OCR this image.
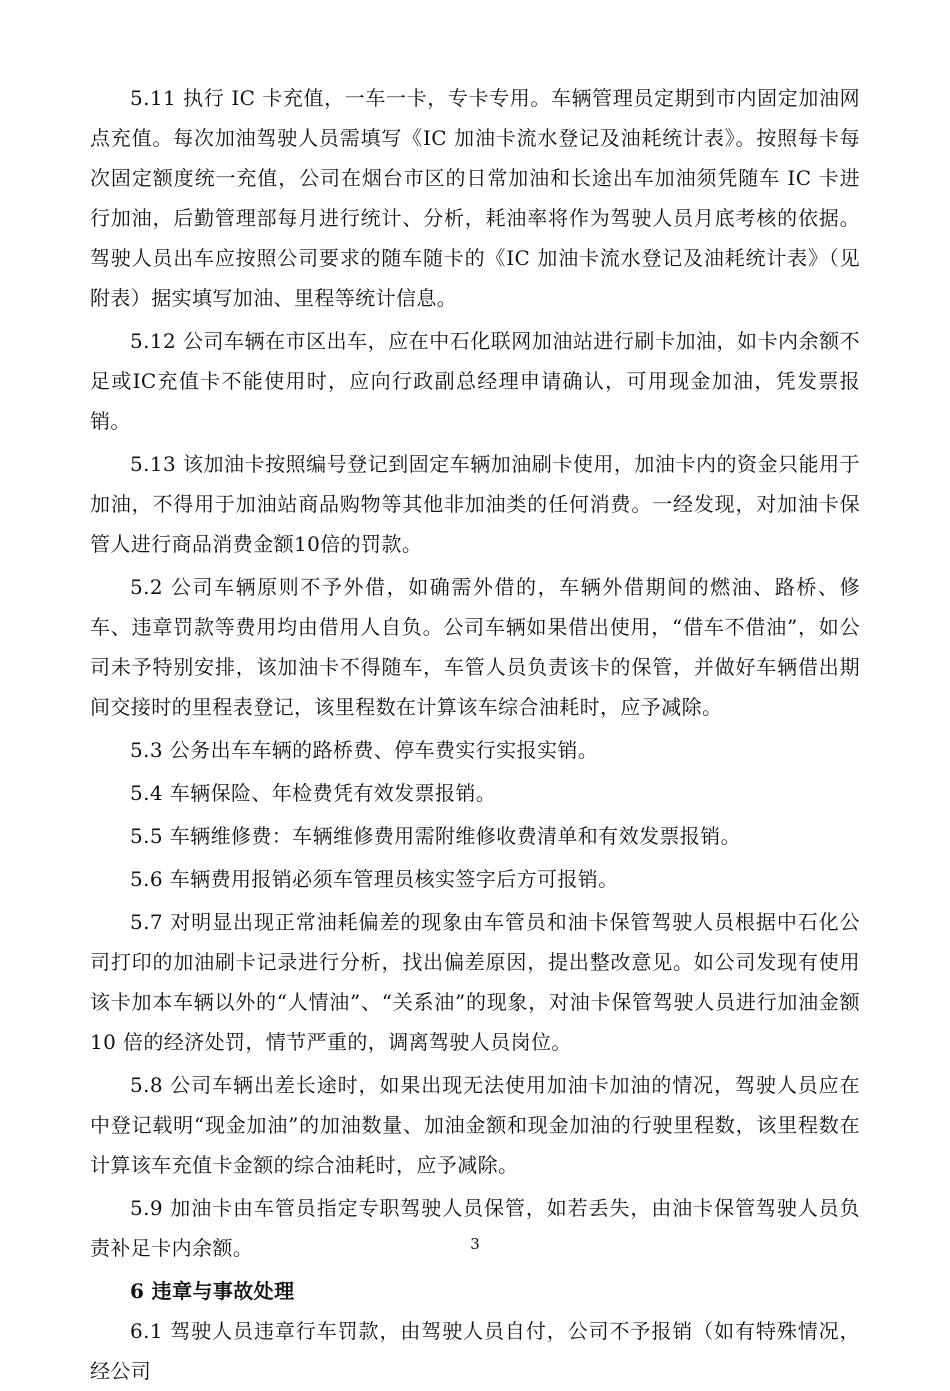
5.11 执行 IC 卡充值，一车一卡，专卡专用。车辆管理员定期到市内固定加油网点充值。每次加油驾驶人员需填写《IC 加油卡流水登记及油耗统计表》。按照每卡每次固定额度统一充值，公司在烟台市区的日常加油和长途出车加油须凭随车 IC 卡进行加油，后勤管理部每月进行统计、分析，耗油率将作为驾驶人员月底考核的依据。驾驶人员出车应按照公司要求的随车随卡的《IC 加油卡流水登记及油耗统计表》（见附表）据实填写加油、里程等统计信息。

5.12 公司车辆在市区出车，应在中石化联网加油站进行刷卡加油，如卡内余额不足或IC充值卡不能使用时，应向行政副总经理申请确认，可用现金加油，凭发票报销。

5.13 该加油卡按照编号登记到固定车辆加油刷卡使用，加油卡内的资金只能用于加油，不得用于加油站商品购物等其他非加油类的任何消费。一经发现，对加油卡保管人进行商品消费金额10倍的罚款。

5.2 公司车辆原则不予外借，如确需外借的，车辆外借期间的燃油、路桥、修车、违章罚款等费用均由借用人自负。公司车辆如果借出使用，“借车不借油”，如公司未予特别安排，该加油卡不得随车，车管人员负责该卡的保管，并做好车辆借出期间交接时的里程表登记，该里程数在计算该车综合油耗时，应予减除。

5.3 公务出车车辆的路桥费、停车费实行实报实销。

5.4 车辆保险、年检费凭有效发票报销。

5.5 车辆维修费：车辆维修费用需附维修收费清单和有效发票报销。

5.6 车辆费用报销必须车管理员核实签字后方可报销。

5.7 对明显出现正常油耗偏差的现象由车管员和油卡保管驾驶人员根据中石化公司打印的加油刷卡记录进行分析，找出偏差原因，提出整改意见。如公司发现有使用该卡加本车辆以外的“人情油”、“关系油”的现象，对油卡保管驾驶人员进行加油金额 10 倍的经济处罚，情节严重的，调离驾驶人员岗位。

5.8 公司车辆出差长途时，如果出现无法使用加油卡加油的情况，驾驶人员应在中登记载明“现金加油”的加油数量、加油金额和现金加油的行驶里程数，该里程数在计算该车充值卡金额的综合油耗时，应予减除。

5.9 加油卡由车管员指定专职驾驶人员保管，如若丢失，由油卡保管驾驶人员负责补足卡内余额。

6 违章与事故处理

6.1 驾驶人员违章行车罚款，由驾驶人员自付，公司不予报销（如有特殊情况，经公司

3
